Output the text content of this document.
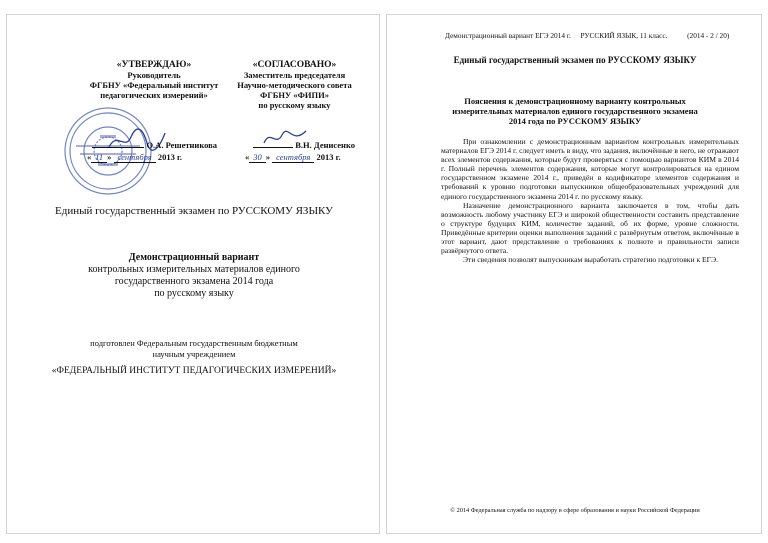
«УТВЕРЖДАЮ»
Руководитель
ФГБНУ «Федеральный институт
педагогических измерений»
О.А. Решетникова
« 11 » сентября 2013 г.
«СОГЛАСОВАНО»
Заместитель председателя
Научно-методического совета
ФГБНУ «ФИПИ»
по русскому языку
В.Н. Денисенко
« 30 » сентября 2013 г.
Единый государственный экзамен по РУССКОМУ ЯЗЫКУ
Демонстрационный вариант
контрольных измерительных материалов единого
государственного экзамена 2014 года
по русскому языку
подготовлен Федеральным государственным бюджетным
научным учреждением
«ФЕДЕРАЛЬНЫЙ ИНСТИТУТ ПЕДАГОГИЧЕСКИХ ИЗМЕРЕНИЙ»
Демонстрационный вариант ЕГЭ 2014 г. РУССКИЙ ЯЗЫК, 11 класс.	(2014 - 2 / 20)
Единый государственный экзамен по РУССКОМУ ЯЗЫКУ
Пояснения к демонстрационному варианту контрольных
измерительных материалов единого государственного экзамена
2014 года по РУССКОМУ ЯЗЫКУ

При ознакомлении с демонстрационным вариантом контрольных измерительных материалов ЕГЭ 2014 г. следует иметь в виду, что задания, включённые в него, не отражают всех элементов содержания, которые будут проверяться с помощью вариантов КИМ в 2014 г. Полный перечень элементов содержания, которые могут контролироваться на едином государственном экзамене 2014 г., приведён в кодификаторе элементов содержания и требований к уровню подготовки выпускников общеобразовательных учреждений для единого государственного экзамена 2014 г. по русскому языку.

Назначение демонстрационного варианта заключается в том, чтобы дать возможность любому участнику ЕГЭ и широкой общественности составить представление о структуре будущих КИМ, количестве заданий, об их форме, уровне сложности. Приведённые критерии оценки выполнения заданий с развёрнутым ответом, включённые в этот вариант, дают представление о требованиях к полноте и правильности записи развёрнутого ответа.

Эти сведения позволят выпускникам выработать стратегию подготовки к ЕГЭ.

© 2014 Федеральная служба по надзору в сфере образования и науки Российской Федерации
